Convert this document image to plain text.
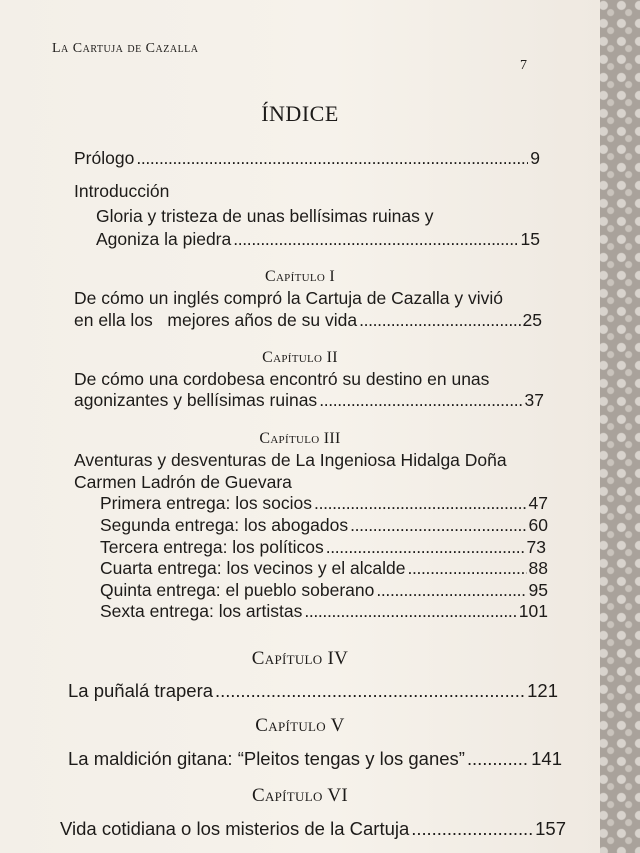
La Cartuja de Cazalla
7
ÍNDICE
Prólogo . . .	9
Introducción
Gloria y tristeza de unas bellísimas ruinas y
Agoniza la piedra . . .	15
Capítulo I
De cómo un inglés compró la Cartuja de Cazalla y vivió
en ella los   mejores años de su vida . . .	25
Capítulo II
De cómo una cordobesa encontró su destino en unas
agonizantes y bellísimas ruinas . . .	37
Capítulo III
Aventuras y desventuras de La Ingeniosa Hidalga Doña
Carmen Ladrón de Guevara
Primera entrega: los socios . . .	47
Segunda entrega: los abogados . . .	60
Tercera entrega: los políticos . . .	73
Cuarta entrega: los vecinos y el alcalde . . .	88
Quinta entrega: el pueblo soberano . . .	95
Sexta entrega: los artistas . . .	101
Capítulo IV
La puñalá trapera . . .	121
Capítulo V
La maldición gitana: “Pleitos tengas y los ganes” . . .	141
Capítulo VI
Vida cotidiana o los misterios de la Cartuja . . .	157
